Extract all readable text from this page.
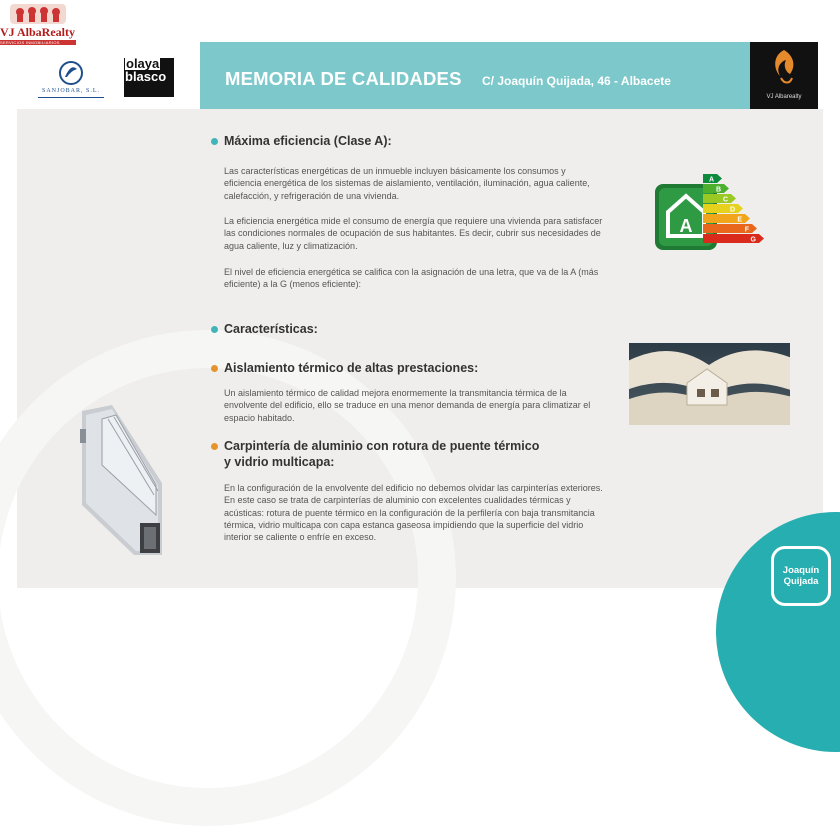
VJ AlbaRealty
SERVICIOS INMOBILIARIOS
SANJOBAR, S.L.
olaya
blasco	MEMORIA DE CALIDADES C/ Joaquín Quijada, 46 - Albacete
VJ Albarealty
Máxima eficiencia (Clase A):
Las características energéticas de un inmueble incluyen básicamente los consumos y eficiencia energética de los sistemas de aislamiento, ventilación, iluminación, agua caliente, calefacción, y refrigeración de una vivienda.
La eficiencia energética mide el consumo de energía que requiere una vivienda para satisfacer las condiciones normales de ocupación de sus habitantes. Es decir, cubrir sus necesidades de agua caliente, luz y climatización.
El nivel de eficiencia energética se califica con la asignación de una letra, que va de la A (más eficiente) a la G (menos eficiente):
A
A
B
C
D
E
F
G
Características:
Aislamiento térmico de altas prestaciones:
Un aislamiento térmico de calidad mejora enormemente la transmitancia térmica de la envolvente del edificio, ello se traduce en una menor demanda de energía para climatizar el espacio habitado.
Carpintería de aluminio con rotura de puente térmico
y vidrio multicapa:
En la configuración de la envolvente del edificio no debemos olvidar las carpinterías exteriores. En este caso se trata de carpinterías de aluminio con excelentes cualidades térmicas y acústicas: rotura de puente térmico en la configuración de la perfilería con baja transmitancia térmica, vidrio multicapa con capa estanca gaseosa impidiendo que la superficie del vidrio interior se caliente o enfríe en exceso.
Joaquín
Quijada
